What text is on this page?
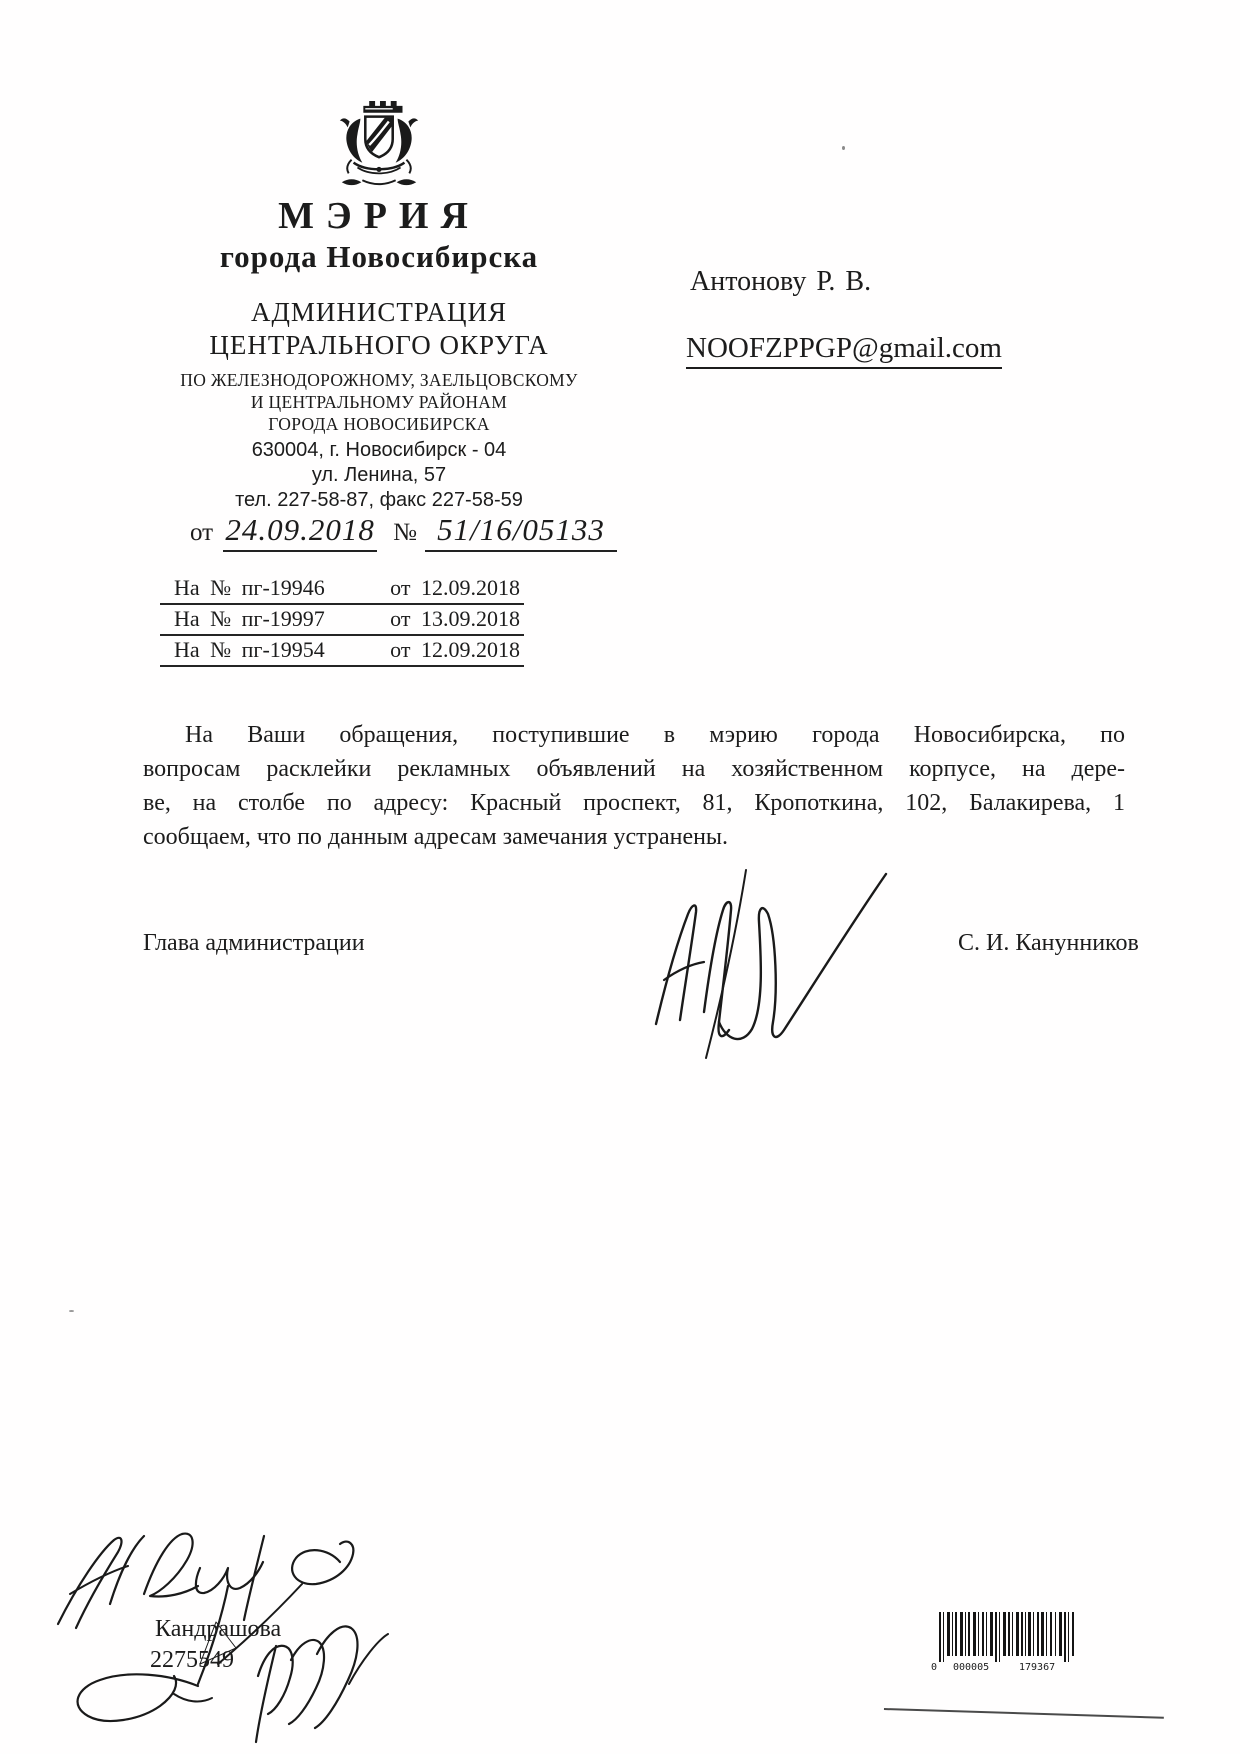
МЭРИЯ
города Новосибирска
АДМИНИСТРАЦИЯ
ЦЕНТРАЛЬНОГО ОКРУГА
ПО ЖЕЛЕЗНОДОРОЖНОМУ, ЗАЕЛЬЦОВСКОМУ
И ЦЕНТРАЛЬНОМУ РАЙОНАМ
ГОРОДА НОВОСИБИРСКА
630004, г. Новосибирск - 04
ул. Ленина, 57
тел. 227-58-87, факс 227-58-59
от 24.09.2018 № 51/16/05133
На № пг-19946	от 12.09.2018
На № пг-19997	от 13.09.2018
На № пг-19954	от 12.09.2018
Антонову Р. В.
NOOFZPPGP@gmail.com
На Ваши обращения, поступившие в мэрию города Новосибирска, по
вопросам расклейки рекламных объявлений на хозяйственном корпусе, на дере-
ве, на столбе по адресу: Красный проспект, 81, Кропоткина, 102, Балакирева, 1
сообщаем, что по данным адресам замечания устранены.
Глава администрации	С. И. Канунников
Кандрашова
2275549	0 000005	179367
